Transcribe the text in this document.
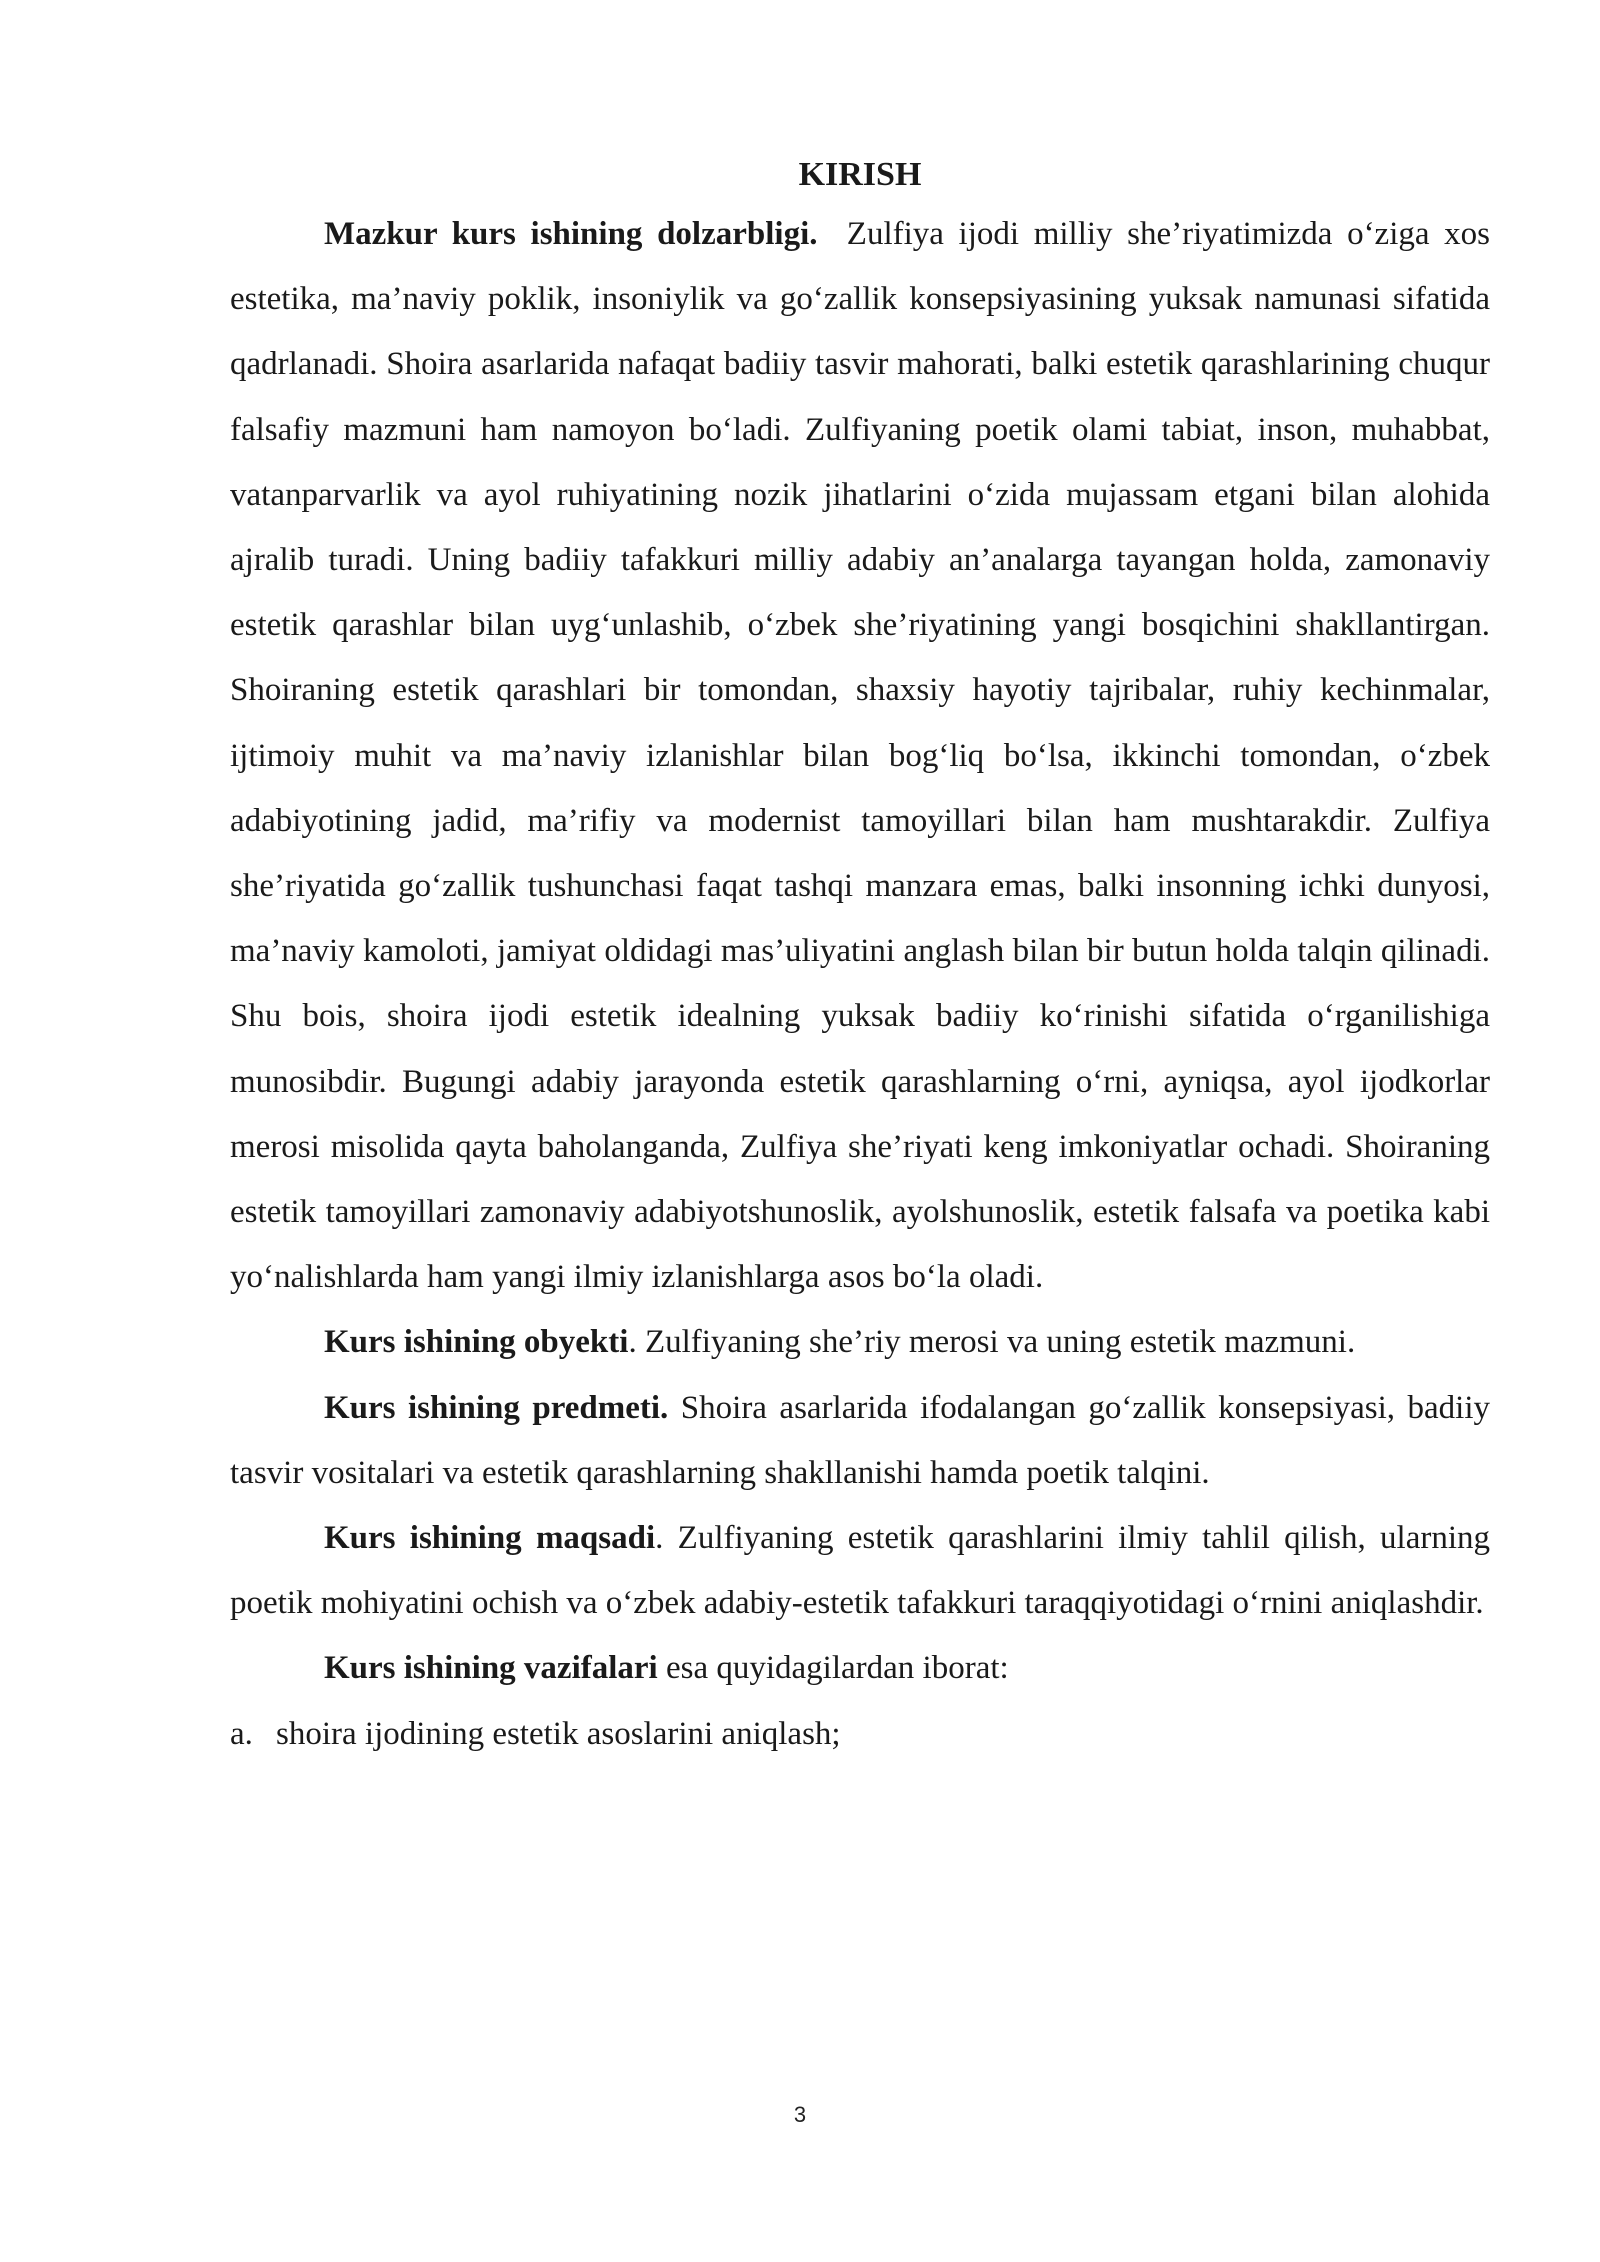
KIRISH

Mazkur kurs ishining dolzarbligi. Zulfiya ijodi milliy she’riyatimizda o‘ziga xos estetika, ma’naviy poklik, insoniylik va go‘zallik konsepsiyasining yuksak namunasi sifatida qadrlanadi. Shoira asarlarida nafaqat badiiy tasvir mahorati, balki estetik qarashlarining chuqur falsafiy mazmuni ham namoyon bo‘ladi. Zulfiyaning poetik olami tabiat, inson, muhabbat, vatanparvarlik va ayol ruhiyatining nozik jihatlarini o‘zida mujassam etgani bilan alohida ajralib turadi. Uning badiiy tafakkuri milliy adabiy an’analarga tayangan holda, zamonaviy estetik qarashlar bilan uyg‘unlashib, o‘zbek she’riyatining yangi bosqichini shakllantirgan. Shoiraning estetik qarashlari bir tomondan, shaxsiy hayotiy tajribalar, ruhiy kechinmalar, ijtimoiy muhit va ma’naviy izlanishlar bilan bog‘liq bo‘lsa, ikkinchi tomondan, o‘zbek adabiyotining jadid, ma’rifiy va modernist tamoyillari bilan ham mushtarakdir. Zulfiya she’riyatida go‘zallik tushunchasi faqat tashqi manzara emas, balki insonning ichki dunyosi, ma’naviy kamoloti, jamiyat oldidagi mas’uliyatini anglash bilan bir butun holda talqin qilinadi. Shu bois, shoira ijodi estetik idealning yuksak badiiy ko‘rinishi sifatida o‘rganilishiga munosibdir. Bugungi adabiy jarayonda estetik qarashlarning o‘rni, ayniqsa, ayol ijodkorlar merosi misolida qayta baholanganda, Zulfiya she’riyati keng imkoniyatlar ochadi. Shoiraning estetik tamoyillari zamonaviy adabiyotshunoslik, ayolshunoslik, estetik falsafa va poetika kabi yo‘nalishlarda ham yangi ilmiy izlanishlarga asos bo‘la oladi.

Kurs ishining obyekti. Zulfiyaning she’riy merosi va uning estetik mazmuni.

Kurs ishining predmeti. Shoira asarlarida ifodalangan go‘zallik konsepsiyasi, badiiy tasvir vositalari va estetik qarashlarning shakllanishi hamda poetik talqini.

Kurs ishining maqsadi. Zulfiyaning estetik qarashlarini ilmiy tahlil qilish, ularning poetik mohiyatini ochish va o‘zbek adabiy-estetik tafakkuri taraqqiyotidagi o‘rnini aniqlashdir.

Kurs ishining vazifalari esa quyidagilardan iborat:

a. shoira ijodining estetik asoslarini aniqlash;
3
